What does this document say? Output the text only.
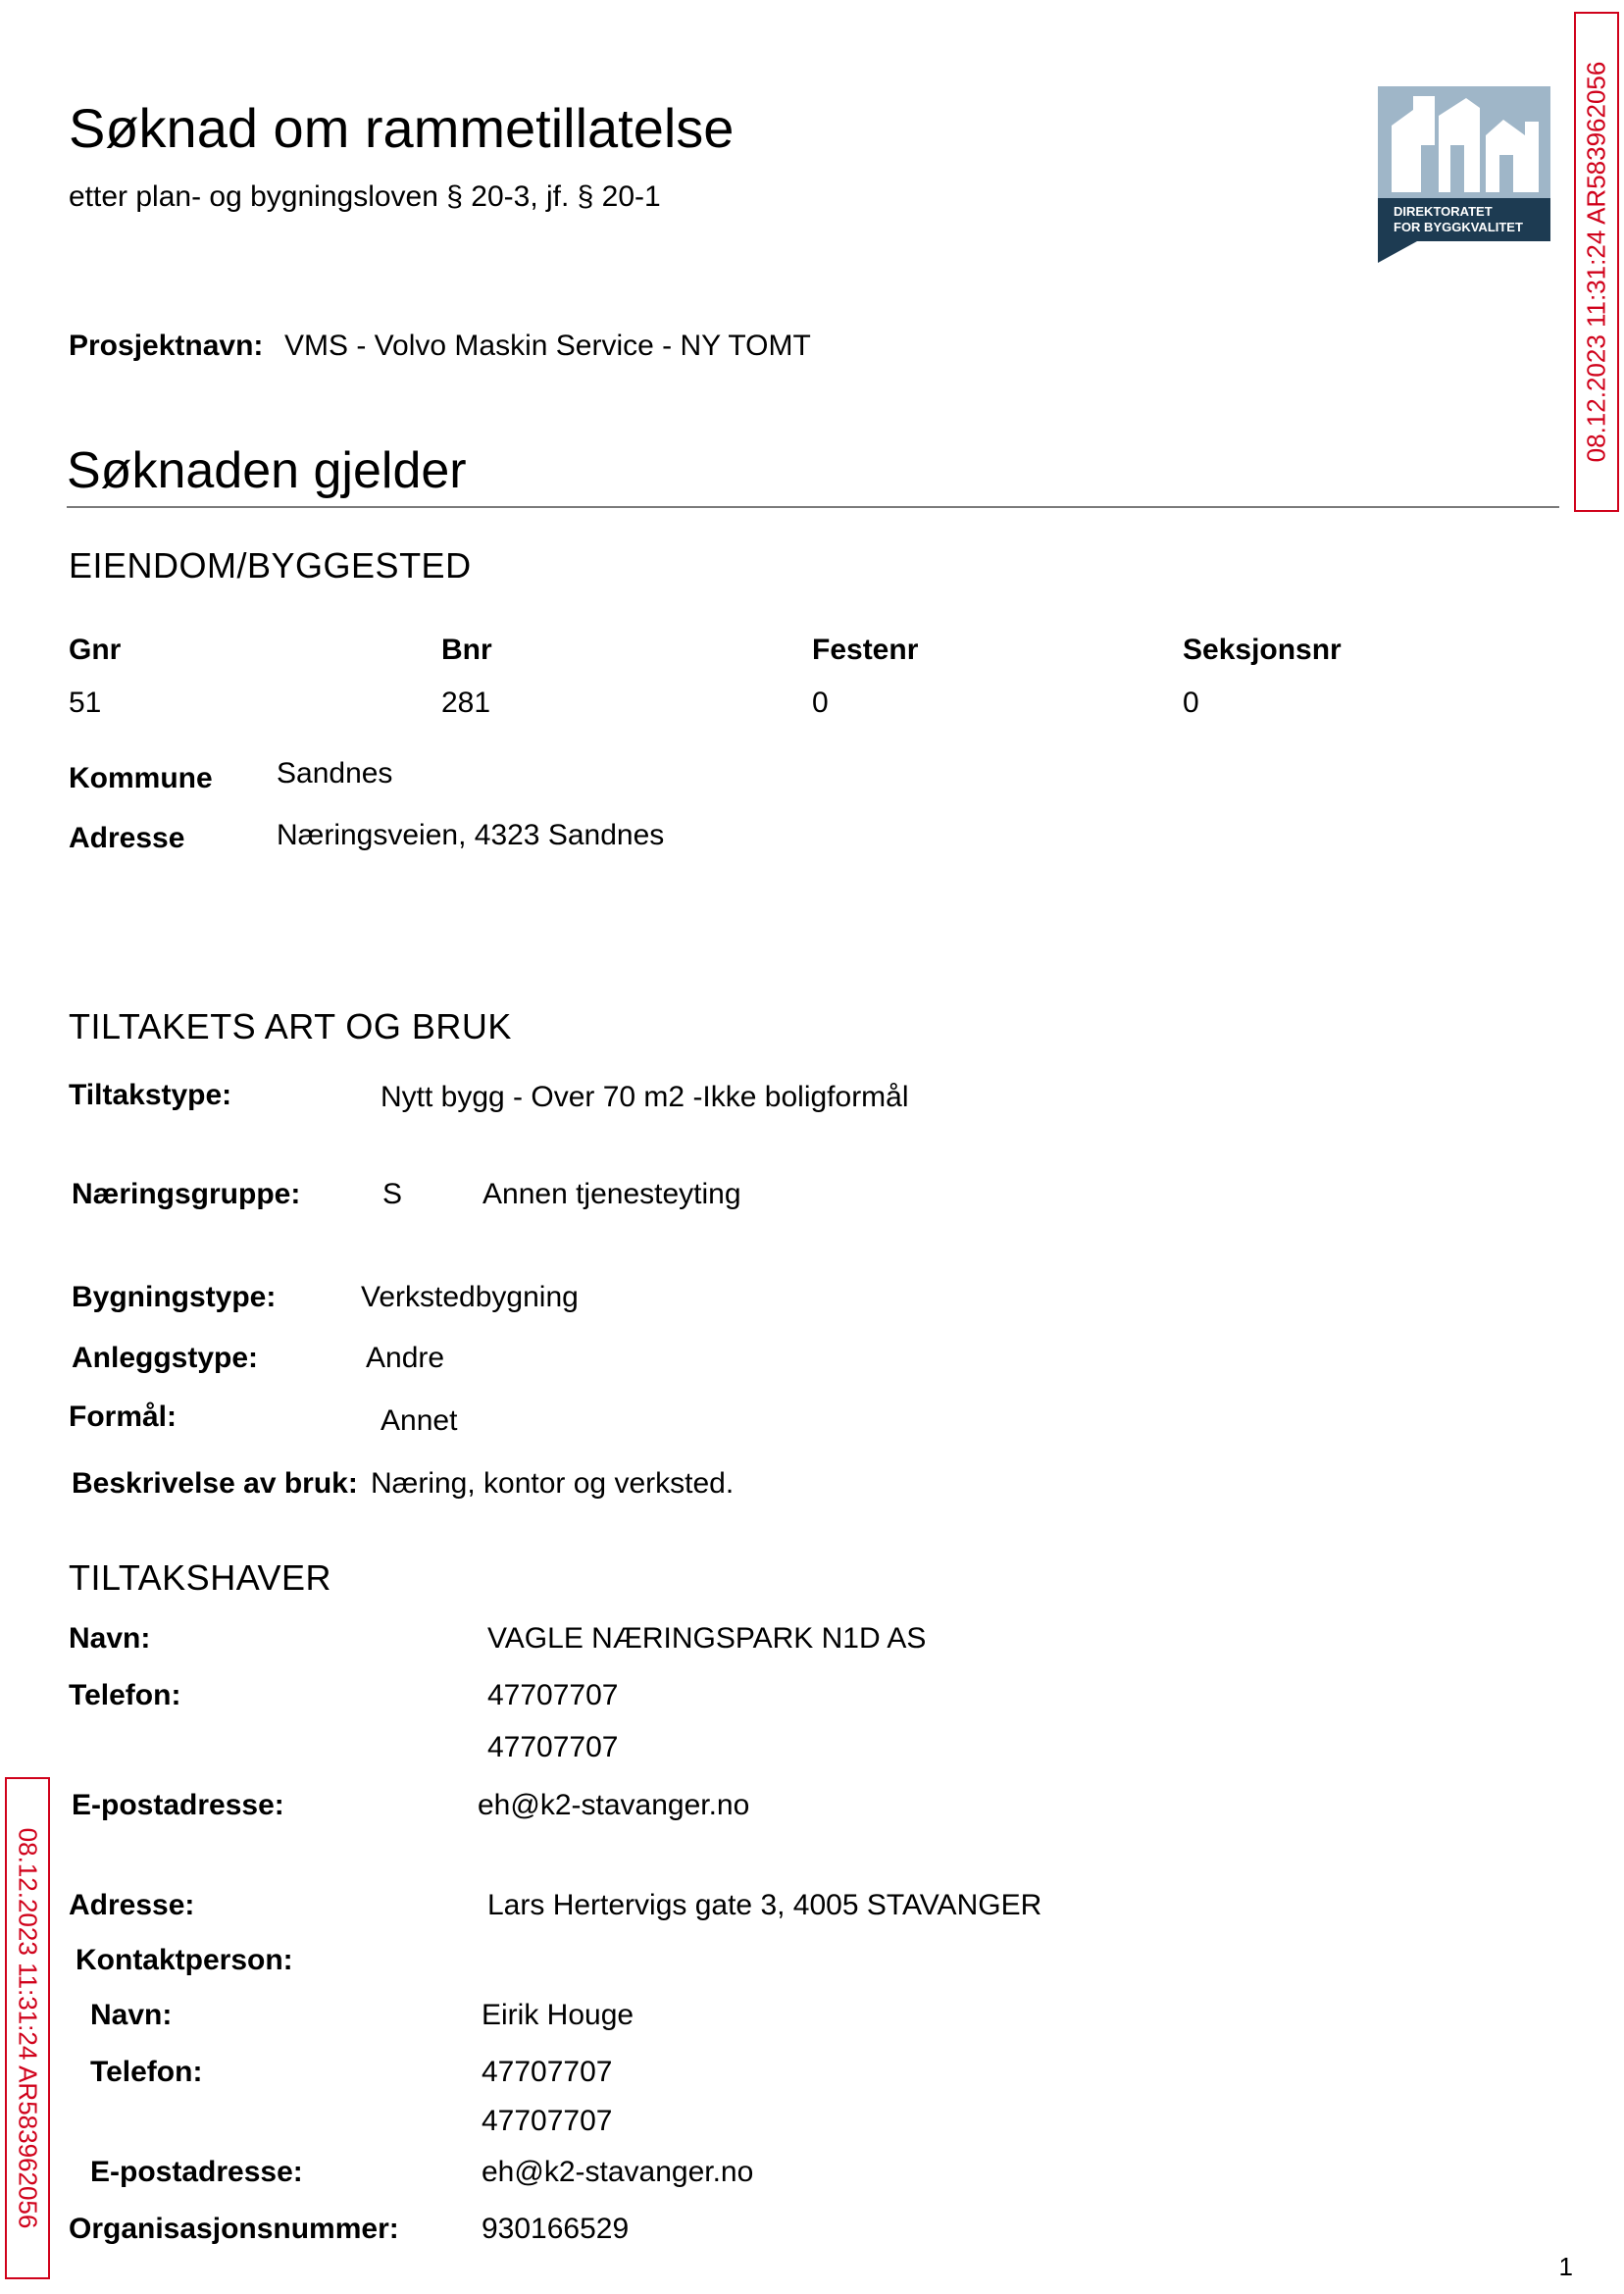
Søknad om rammetillatelse
etter plan- og bygningsloven § 20-3, jf. § 20-1	DIREKTORATET
FOR BYGGKVALITET	08.12.2023 11:31:24 AR583962056
08.12.2023 11:31:24 AR583962056
Prosjektnavn: VMS - Volvo Maskin Service - NY TOMT
Søknaden gjelder
EIENDOM/BYGGESTED
Gnr	Bnr	Festenr	Seksjonsnr
51	281	0	0
Kommune Sandnes
Adresse	Næringsveien, 4323 Sandnes
TILTAKETS ART OG BRUK
Tiltakstype:	Nytt bygg - Over 70 m2 -Ikke boligformål
Næringsgruppe:	S	Annen tjenesteyting
Bygningstype:	Verkstedbygning
Anleggstype:	Andre
Formål:	Annet
Beskrivelse av bruk: Næring, kontor og verksted.
TILTAKSHAVER
Navn:	VAGLE NÆRINGSPARK N1D AS
Telefon:	47707707
47707707
E-postadresse:	eh@k2-stavanger.no
Adresse:	Lars Hertervigs gate 3, 4005 STAVANGER
Kontaktperson:
Navn:	Eirik Houge
Telefon:	47707707
47707707
E-postadresse:	eh@k2-stavanger.no
Organisasjonsnummer:	930166529
1
